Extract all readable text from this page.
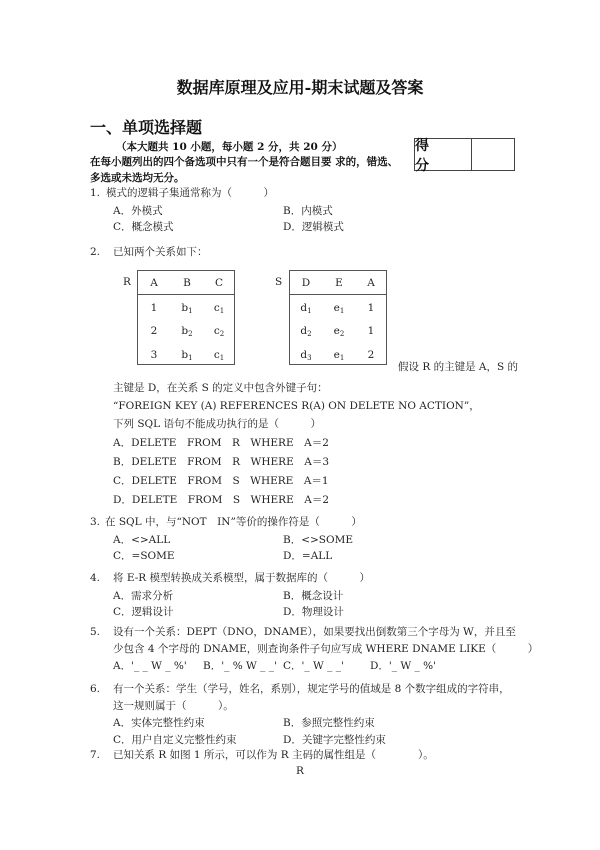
数据库原理及应用-期末试题及答案
一、单项选择题
（本大题共 10 小题，每小题 2 分，共 20 分）
在每小题列出的四个备选项中只有一个是符合题目要 求的，错选、
多选或未选均无分。
得 分
1. 模式的逻辑子集通常称为（　　　）
A．外模式	B．内模式
C．概念模式	D．逻辑模式
2. 已知两个关系如下：
R	A	B	C
1	$b_1$	$c_1$
2	$b_2$	$c_2$
3	$b_1$	$c_1$
S	D	E	A
$d_1$	$e_1$	1
$d_2$	$e_2$	1
$d_3$	$e_1$	2
假设 R 的主键是 A，S 的
主键是 D，在关系 S 的定义中包含外键子句：
“FOREIGN KEY (A) REFERENCES R(A) ON DELETE NO ACTION”，
下列 SQL 语句不能成功执行的是（　　　）
A．DELETE　FROM　R　WHERE　A＝2
B．DELETE　FROM　R　WHERE　A＝3
C．DELETE　FROM　S　WHERE　A＝1
D．DELETE　FROM　S　WHERE　A＝2
3. 在 SQL 中，与“NOT　IN”等价的操作符是（　　　）
A．<>ALL	B．<>SOME
C．=SOME	D．=ALL
4. 将 E-R 模型转换成关系模型，属于数据库的（　　　）
A．需求分析	B．概念设计
C．逻辑设计	D．物理设计
5. 设有一个关系：DEPT（DNO，DNAME），如果要找出倒数第三个字母为 W，并且至
少包含 4 个字母的 DNAME，则查询条件子句应写成 WHERE DNAME LIKE（　　　）
A．'_ _ W _ %' B．'_ % W _ _' C．'_ W _ _' D．'_ W _ %'
6. 有一个关系：学生（学号，姓名，系别），规定学号的值域是 8 个数字组成的字符串，
这一规则属于（　　　）。
A．实体完整性约束	B．参照完整性约束
C．用户自定义完整性约束	D．关键字完整性约束
7. 已知关系 R 如图 1 所示，可以作为 R 主码的属性组是（　　　　）。
R
